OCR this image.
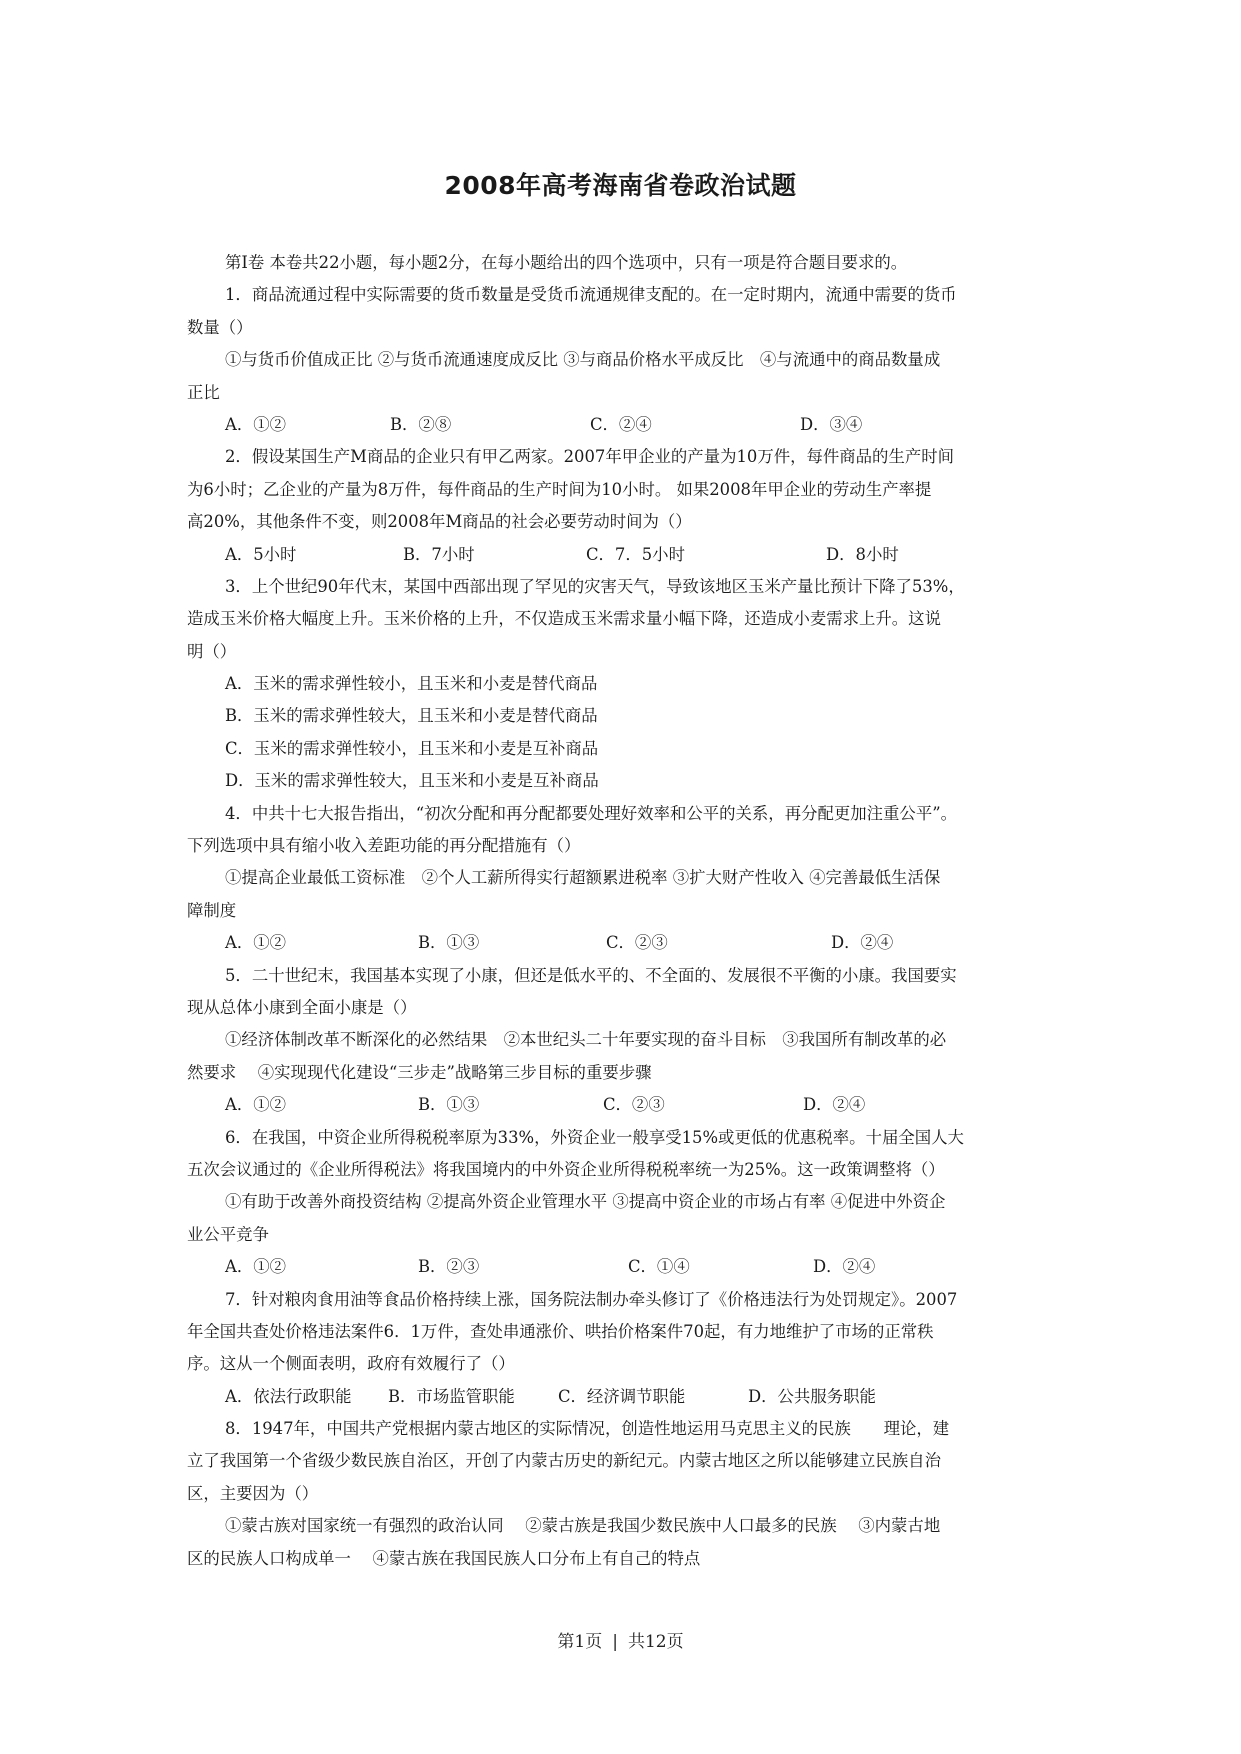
2008年高考海南省卷政治试题
第Ⅰ卷 本卷共22小题，每小题2分，在每小题给出的四个选项中，只有一项是符合题目要求的。
1．商品流通过程中实际需要的货币数量是受货币流通规律支配的。在一定时期内，流通中需要的货币
数量（）
①与货币价值成正比 ②与货币流通速度成反比 ③与商品价格水平成反比　④与流通中的商品数量成
正比
A．①②	B．②⑧	C．②④	D．③④
2．假设某国生产M商品的企业只有甲乙两家。2007年甲企业的产量为10万件，每件商品的生产时间
为6小时；乙企业的产量为8万件，每件商品的生产时间为10小时。 如果2008年甲企业的劳动生产率提
高20%，其他条件不变，则2008年M商品的社会必要劳动时间为（）
A．5小时	B．7小时	C．7．5小时	D．8小时
3．上个世纪90年代末，某国中西部出现了罕见的灾害天气，导致该地区玉米产量比预计下降了53%，
造成玉米价格大幅度上升。玉米价格的上升，不仅造成玉米需求量小幅下降，还造成小麦需求上升。这说
明（）
A．玉米的需求弹性较小，且玉米和小麦是替代商品
B．玉米的需求弹性较大，且玉米和小麦是替代商品
C．玉米的需求弹性较小，且玉米和小麦是互补商品
D．玉米的需求弹性较大，且玉米和小麦是互补商品
4．中共十七大报告指出，“初次分配和再分配都要处理好效率和公平的关系，再分配更加注重公平”。
下列选项中具有缩小收入差距功能的再分配措施有（）
①提高企业最低工资标准　②个人工薪所得实行超额累进税率 ③扩大财产性收入 ④完善最低生活保
障制度
A．①②	B．①③	C．②③	D．②④
5．二十世纪末，我国基本实现了小康，但还是低水平的、不全面的、发展很不平衡的小康。我国要实
现从总体小康到全面小康是（）
①经济体制改革不断深化的必然结果　②本世纪头二十年要实现的奋斗目标　③我国所有制改革的必
然要求　 ④实现现代化建设“三步走”战略第三步目标的重要步骤
A．①②	B．①③	C．②③	D．②④
6．在我国，中资企业所得税税率原为33%，外资企业一般享受15%或更低的优惠税率。十届全国人大
五次会议通过的《企业所得税法》将我国境内的中外资企业所得税税率统一为25%。这一政策调整将（）
①有助于改善外商投资结构 ②提高外资企业管理水平 ③提高中资企业的市场占有率 ④促进中外资企
业公平竞争
A．①②	B．②③	C．①④	D．②④
7．针对粮肉食用油等食品价格持续上涨，国务院法制办牵头修订了《价格违法行为处罚规定》。2007
年全国共查处价格违法案件6．1万件，查处串通涨价、哄抬价格案件70起，有力地维护了市场的正常秩
序。这从一个侧面表明，政府有效履行了（）
A．依法行政职能	B．市场监管职能	C．经济调节职能	D．公共服务职能
8．1947年，中国共产党根据内蒙古地区的实际情况，创造性地运用马克思主义的民族　　理论，建
立了我国第一个省级少数民族自治区，开创了内蒙古历史的新纪元。内蒙古地区之所以能够建立民族自治
区，主要因为（）
①蒙古族对国家统一有强烈的政治认同　 ②蒙古族是我国少数民族中人口最多的民族　 ③内蒙古地
区的民族人口构成单一　 ④蒙古族在我国民族人口分布上有自己的特点
第1页 | 共12页
